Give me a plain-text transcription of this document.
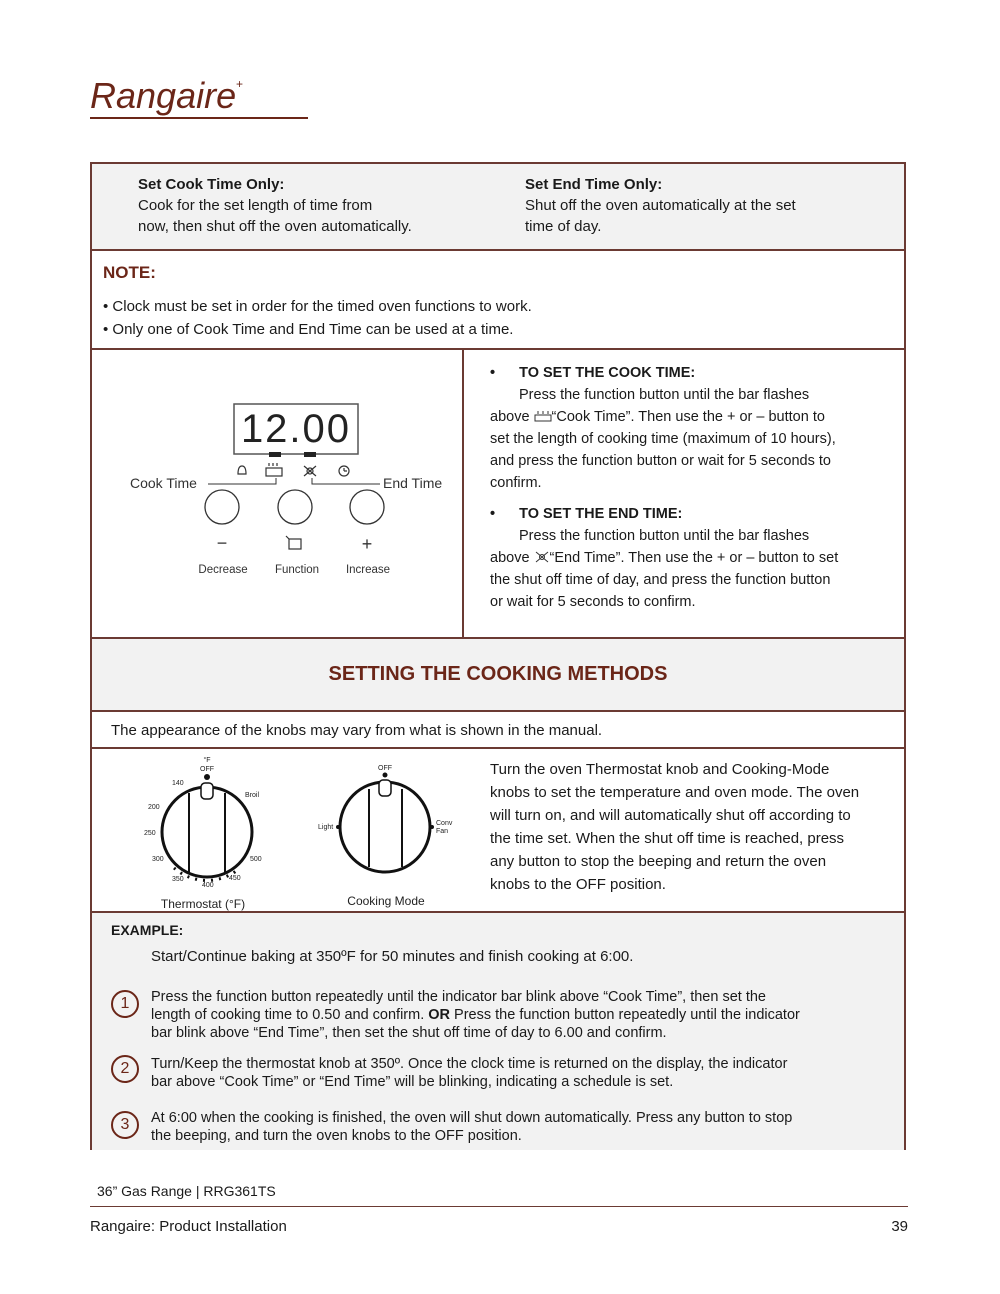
Rangaire +
Set Cook Time Only:
Cook for the set length of time from
now, then shut off the oven automatically.
Set End Time Only:
Shut off the oven automatically at the set
time of day.
NOTE:
• Clock must be set in order for the timed oven functions to work.
• Only one of Cook Time and End Time can be used at a time.
12.00
Cook Time	End Time
−	+
Decrease Function Increase
• TO SET THE COOK TIME:
Press the function button until the bar flashes
above “Cook Time”. Then use the + or – button to
set the length of cooking time (maximum of 10 hours),
and press the function button or wait for 5 seconds to
confirm.
• TO SET THE END TIME:
Press the function button until the bar flashes
above “End Time”. Then use the + or – button to set
the shut off time of day, and press the function button
or wait for 5 seconds to confirm.
SETTING THE COOKING METHODS
The appearance of the knobs may vary from what is shown in the manual.
°F
OFF
Broil
140
200
250
300
350
400
450
500
Thermostat (°F)
OFF
Light
Conv
Fan
Cooking Mode
Turn the oven Thermostat knob and Cooking-Mode
knobs to set the temperature and oven mode. The oven
will turn on, and will automatically shut off according to
the time set. When the shut off time is reached, press
any button to stop the beeping and return the oven
knobs to the OFF position.
EXAMPLE:
Start/Continue baking at 350ºF for 50 minutes and finish cooking at 6:00.
1	Press the function button repeatedly until the indicator bar blink above “Cook Time”, then set the
length of cooking time to 0.50 and confirm. OR Press the function button repeatedly until the indicator
bar blink above “End Time”, then set the shut off time of day to 6.00 and confirm.
2	Turn/Keep the thermostat knob at 350º. Once the clock time is returned on the display, the indicator
bar above “Cook Time” or “End Time” will be blinking, indicating a schedule is set.
3	At 6:00 when the cooking is finished, the oven will shut down automatically. Press any button to stop
the beeping, and turn the oven knobs to the OFF position.
36” Gas Range | RRG361TS
Rangaire: Product Installation	39
